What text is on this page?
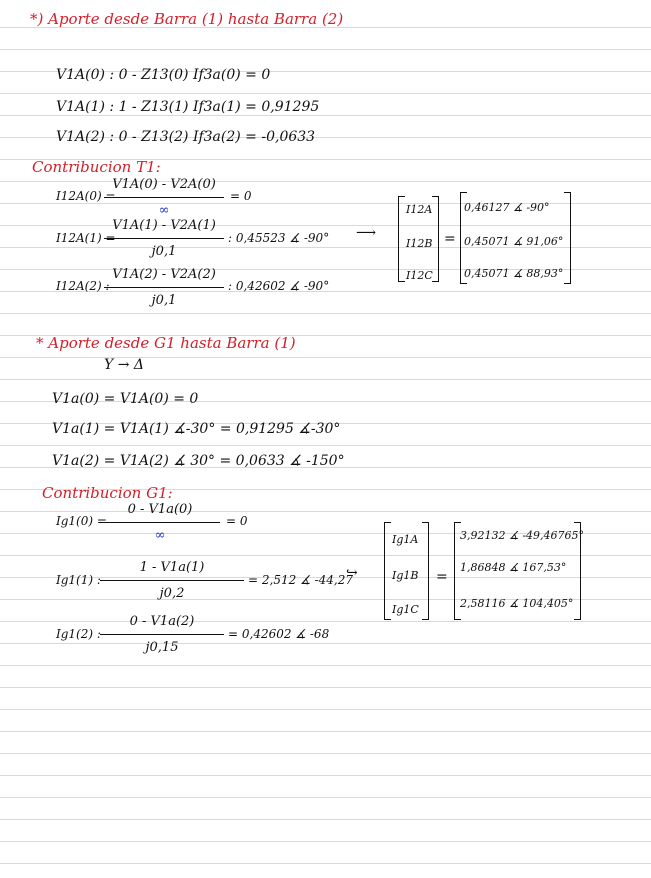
*) Aporte desde Barra (1) hasta Barra (2)
V1A(0) : 0 - Z13(0) If3a(0) = 0
V1A(1) : 1 - Z13(1) If3a(1) = 0,91295
V1A(2) : 0 - Z13(2) If3a(2) = -0,0633
Contribucion T1:
I12A(0) =
V1A(0) - V2A(0)
∞
= 0
I12A(1) =
V1A(1) - V2A(1)
j0,1
: 0,45523 ∡ -90°
I12A(2) :
V1A(2) - V2A(2)
j0,1
: 0,42602 ∡ -90°
⟶
I12A
I12B
I12C
=
0,46127 ∡ -90°
0,45071 ∡ 91,06°
0,45071 ∡ 88,93°
* Aporte desde G1 hasta Barra (1)
Y → Δ
V1a(0) = V1A(0) = 0
V1a(1) = V1A(1) ∡-30° = 0,91295 ∡-30°
V1a(2) = V1A(2) ∡ 30° = 0,0633 ∡ -150°
Contribucion G1:
Ig1(0) =
0 - V1a(0)
∞
= 0
Ig1(1) :
1 - V1a(1)
j0,2
= 2,512 ∡ -44,27
Ig1(2) :
0 - V1a(2)
j0,15
= 0,42602 ∡ -68
↪
Ig1A
Ig1B
Ig1C
=
3,92132 ∡ -49,46765°
1,86848 ∡ 167,53°
2,58116 ∡ 104,405°
